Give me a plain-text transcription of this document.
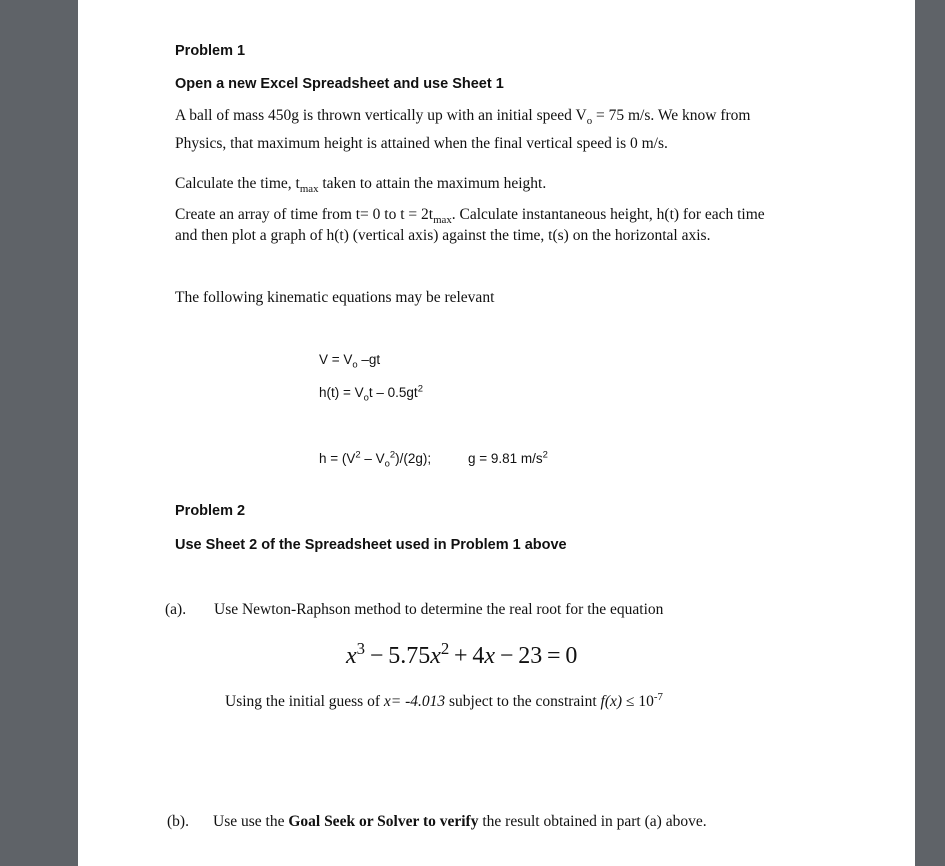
Problem 1
Open a new Excel Spreadsheet and use Sheet 1
A ball of mass 450g is thrown vertically up with an initial speed $V_o = 75$ m/s. We know from
Physics, that maximum height is attained when the final vertical speed is 0 m/s.
Calculate the time, $t_{max}$ taken to attain the maximum height.
Create an array of time from t= 0 to $t = 2t_{max}$. Calculate instantaneous height, h(t) for each time
and then plot a graph of h(t) (vertical axis) against the time, t(s) on the horizontal axis.
The following kinematic equations may be relevant
$V = V_o$ –gt
$h(t) = V_ot - 0.5gt^2$
$h = (V^2 - V_o^2)/(2g)$;	g = 9.81 $m/s^2$
Problem 2
Use Sheet 2 of the Spreadsheet used in Problem 1 above
(a). Use Newton-Raphson method to determine the real root for the equation
$x^3 - 5.75x^2 + 4x - 23 = 0$
Using the initial guess of x= -4.013 subject to the constraint $f(x) \le 10^{-7}$
(b). Use use the Goal Seek or Solver to verify the result obtained in part (a) above.
